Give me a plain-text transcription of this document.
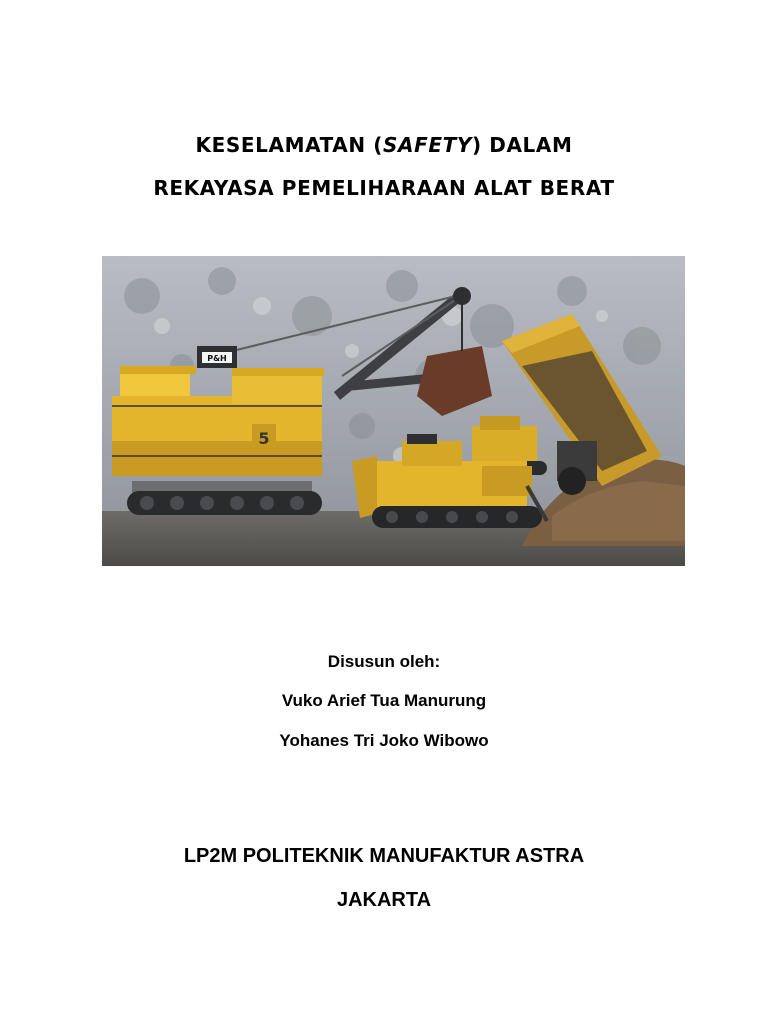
KESELAMATAN (SAFETY) DALAM
REKAYASA PEMELIHARAAN ALAT BERAT
P&H
5
Disusun oleh:
Vuko Arief Tua Manurung
Yohanes Tri Joko Wibowo
LP2M POLITEKNIK MANUFAKTUR ASTRA
JAKARTA
